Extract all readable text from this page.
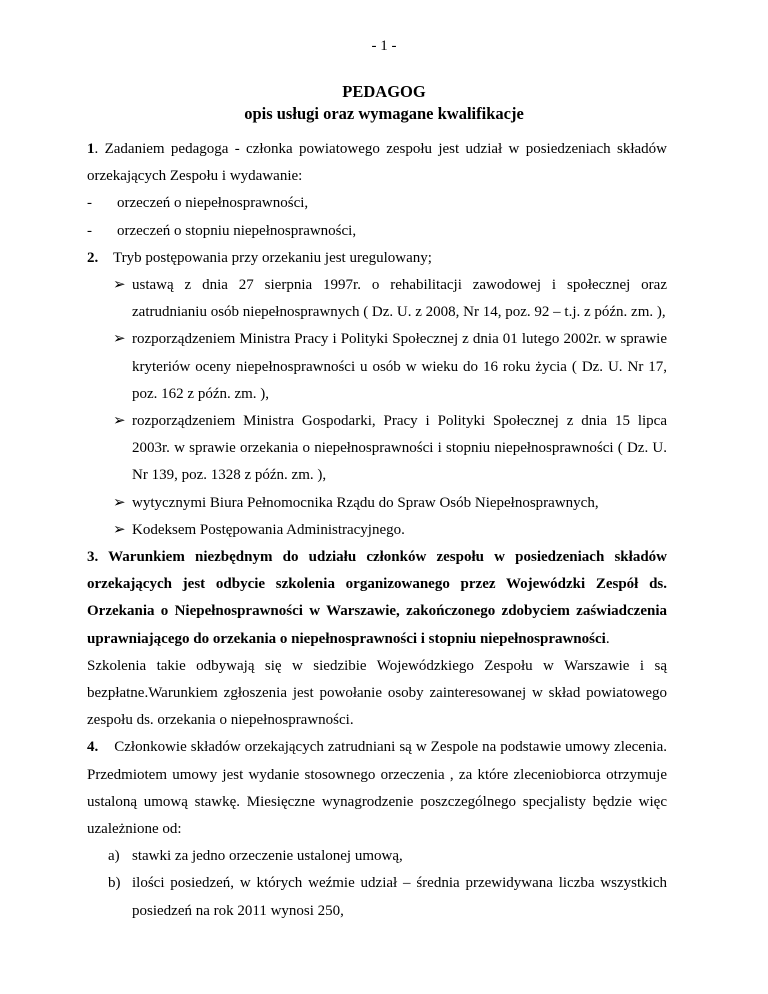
- 1 -
PEDAGOG
opis usługi oraz wymagane kwalifikacje

1. Zadaniem pedagoga - członka powiatowego zespołu jest udział w posiedzeniach składów orzekających Zespołu i wydawanie:

- orzeczeń o niepełnosprawności,
- orzeczeń o stopniu niepełnosprawności,
2. Tryb postępowania przy orzekaniu jest uregulowany;
➢ ustawą z dnia 27 sierpnia 1997r. o rehabilitacji zawodowej i społecznej oraz zatrudnianiu osób niepełnosprawnych ( Dz. U. z 2008, Nr 14, poz. 92 – t.j. z późn. zm. ),
➢ rozporządzeniem Ministra Pracy i Polityki Społecznej z dnia 01 lutego 2002r. w sprawie kryteriów oceny niepełnosprawności u osób w wieku do 16 roku życia ( Dz. U. Nr 17, poz. 162 z późn. zm. ),
➢ rozporządzeniem Ministra Gospodarki, Pracy i Polityki Społecznej z dnia 15 lipca 2003r. w sprawie orzekania o niepełnosprawności i stopniu niepełnosprawności ( Dz. U. Nr 139, poz. 1328 z późn. zm. ),
➢ wytycznymi Biura Pełnomocnika Rządu do Spraw Osób Niepełnosprawnych,
➢ Kodeksem Postępowania Administracyjnego.

3. Warunkiem niezbędnym do udziału członków zespołu w posiedzeniach składów orzekających jest odbycie szkolenia organizowanego przez Wojewódzki Zespół ds. Orzekania o Niepełnosprawności w Warszawie, zakończonego zdobyciem zaświadczenia uprawniającego do orzekania o niepełnosprawności i stopniu niepełnosprawności.

Szkolenia takie odbywają się w siedzibie Wojewódzkiego Zespołu w Warszawie i są bezpłatne.Warunkiem zgłoszenia jest powołanie osoby zainteresowanej w skład powiatowego zespołu ds. orzekania o niepełnosprawności.

4. Członkowie składów orzekających zatrudniani są w Zespole na podstawie umowy zlecenia. Przedmiotem umowy jest wydanie stosownego orzeczenia , za które zleceniobiorca otrzymuje ustaloną umową stawkę. Miesięczne wynagrodzenie poszczególnego specjalisty będzie więc uzależnione od:

a) stawki za jedno orzeczenie ustalonej umową,
b) ilości posiedzeń, w których weźmie udział – średnia przewidywana liczba wszystkich posiedzeń na rok 2011 wynosi 250,
